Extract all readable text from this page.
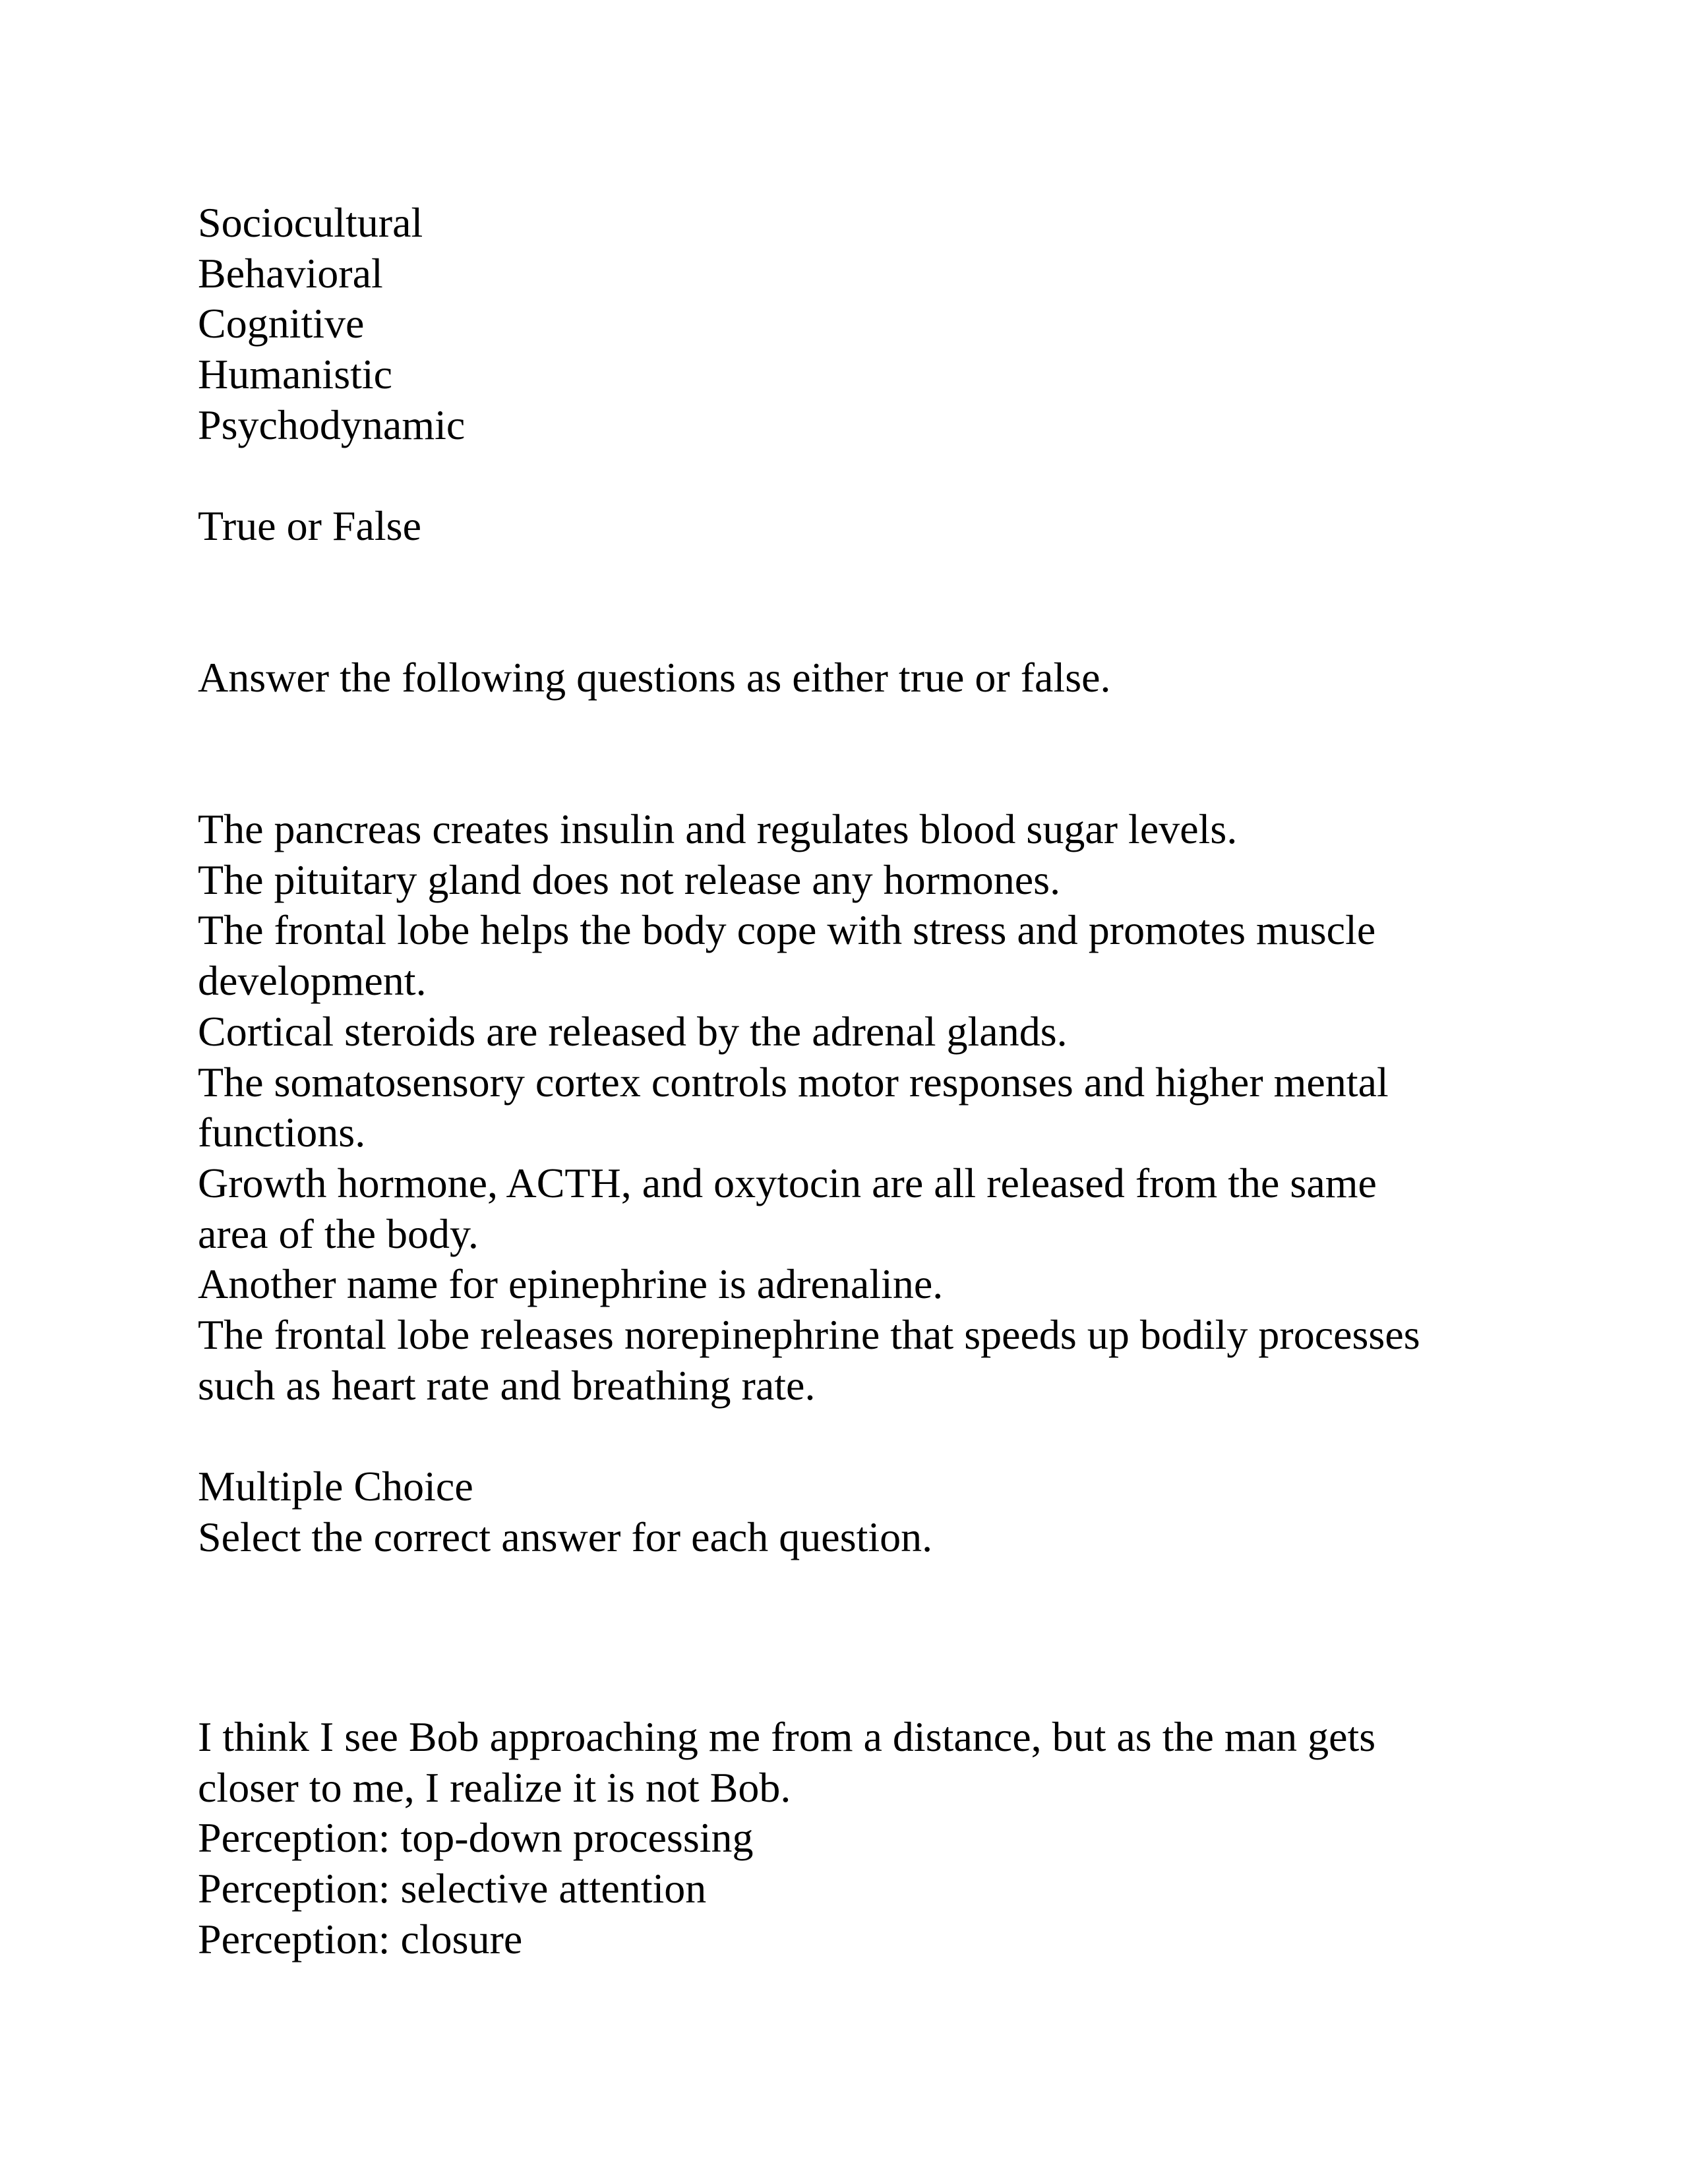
Sociocultural
Behavioral
Cognitive
Humanistic
Psychodynamic
True or False
Answer the following questions as either true or false.
The pancreas creates insulin and regulates blood sugar levels.
The pituitary gland does not release any hormones.
The frontal lobe helps the body cope with stress and promotes muscle
development.
Cortical steroids are released by the adrenal glands.
The somatosensory cortex controls motor responses and higher mental
functions.
Growth hormone, ACTH, and oxytocin are all released from the same
area of the body.
Another name for epinephrine is adrenaline.
The frontal lobe releases norepinephrine that speeds up bodily processes
such as heart rate and breathing rate.
Multiple Choice
Select the correct answer for each question.
I think I see Bob approaching me from a distance, but as the man gets
closer to me, I realize it is not Bob.
Perception: top-down processing
Perception: selective attention
Perception: closure
